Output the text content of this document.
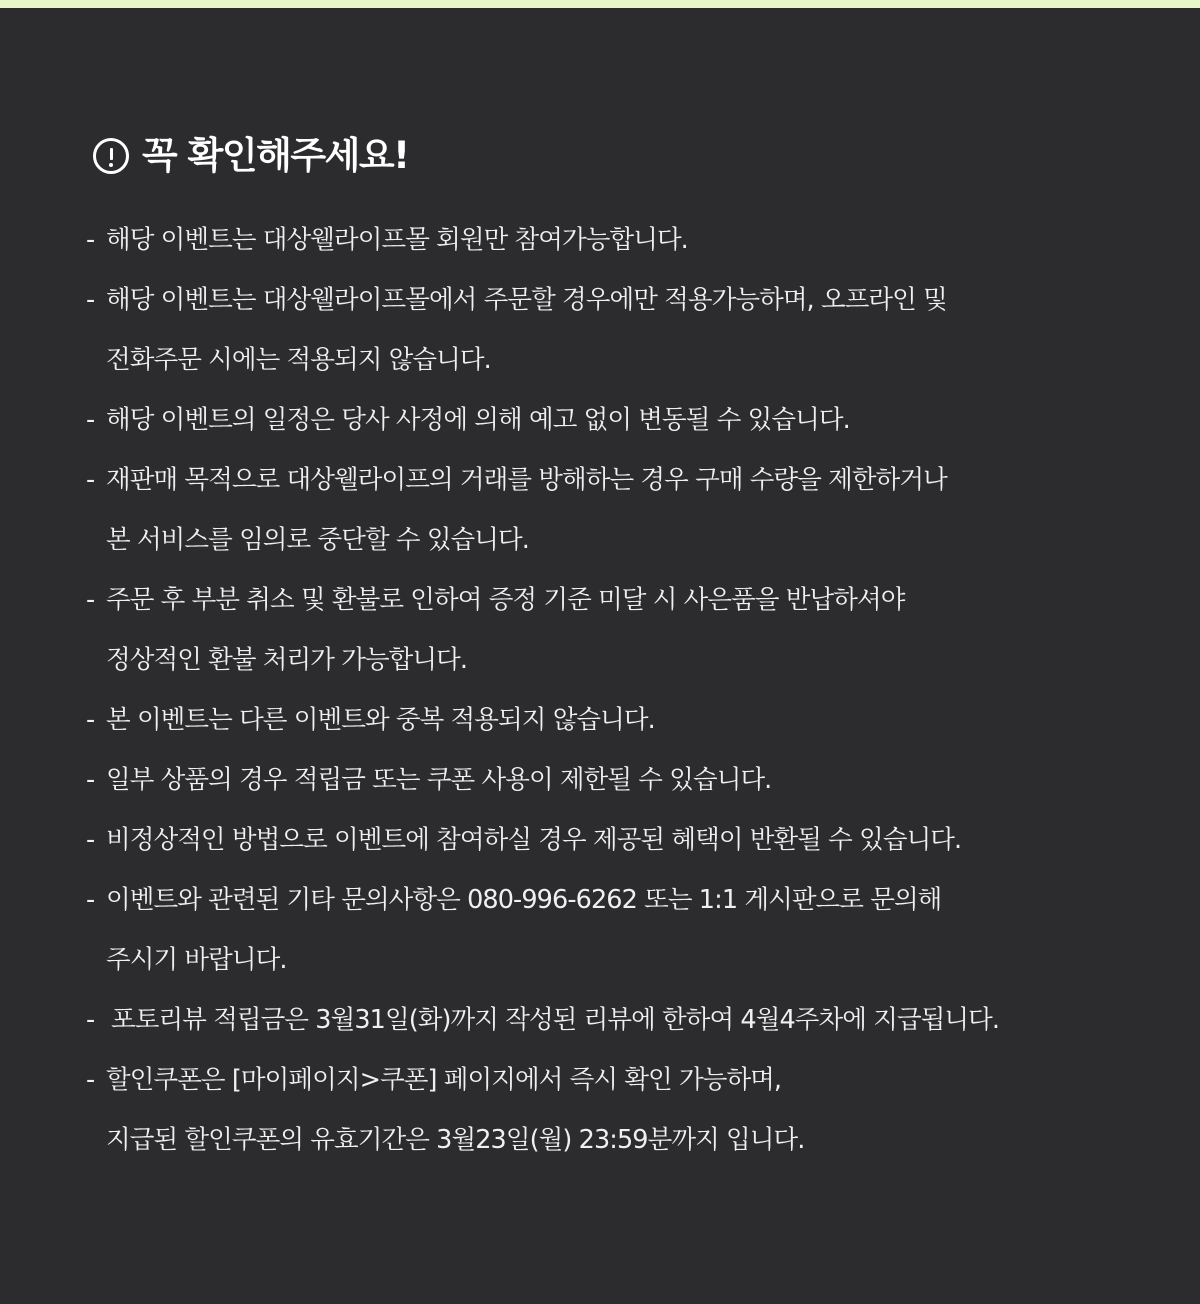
꼭 확인해주세요!
- 해당 이벤트는 대상웰라이프몰 회원만 참여가능합니다.
- 해당 이벤트는 대상웰라이프몰에서 주문할 경우에만 적용가능하며, 오프라인 및
전화주문 시에는 적용되지 않습니다.
- 해당 이벤트의 일정은 당사 사정에 의해 예고 없이 변동될 수 있습니다.
- 재판매 목적으로 대상웰라이프의 거래를 방해하는 경우 구매 수량을 제한하거나
본 서비스를 임의로 중단할 수 있습니다.
- 주문 후 부분 취소 및 환불로 인하여 증정 기준 미달 시 사은품을 반납하셔야
정상적인 환불 처리가 가능합니다.
- 본 이벤트는 다른 이벤트와 중복 적용되지 않습니다.
- 일부 상품의 경우 적립금 또는 쿠폰 사용이 제한될 수 있습니다.
- 비정상적인 방법으로 이벤트에 참여하실 경우 제공된 혜택이 반환될 수 있습니다.
- 이벤트와 관련된 기타 문의사항은 080-996-6262 또는 1:1 게시판으로 문의해
주시기 바랍니다.
- 포토리뷰 적립금은 3월31일(화)까지 작성된 리뷰에 한하여 4월4주차에 지급됩니다.
- 할인쿠폰은 [마이페이지>쿠폰] 페이지에서 즉시 확인 가능하며,
지급된 할인쿠폰의 유효기간은 3월23일(월) 23:59분까지 입니다.
